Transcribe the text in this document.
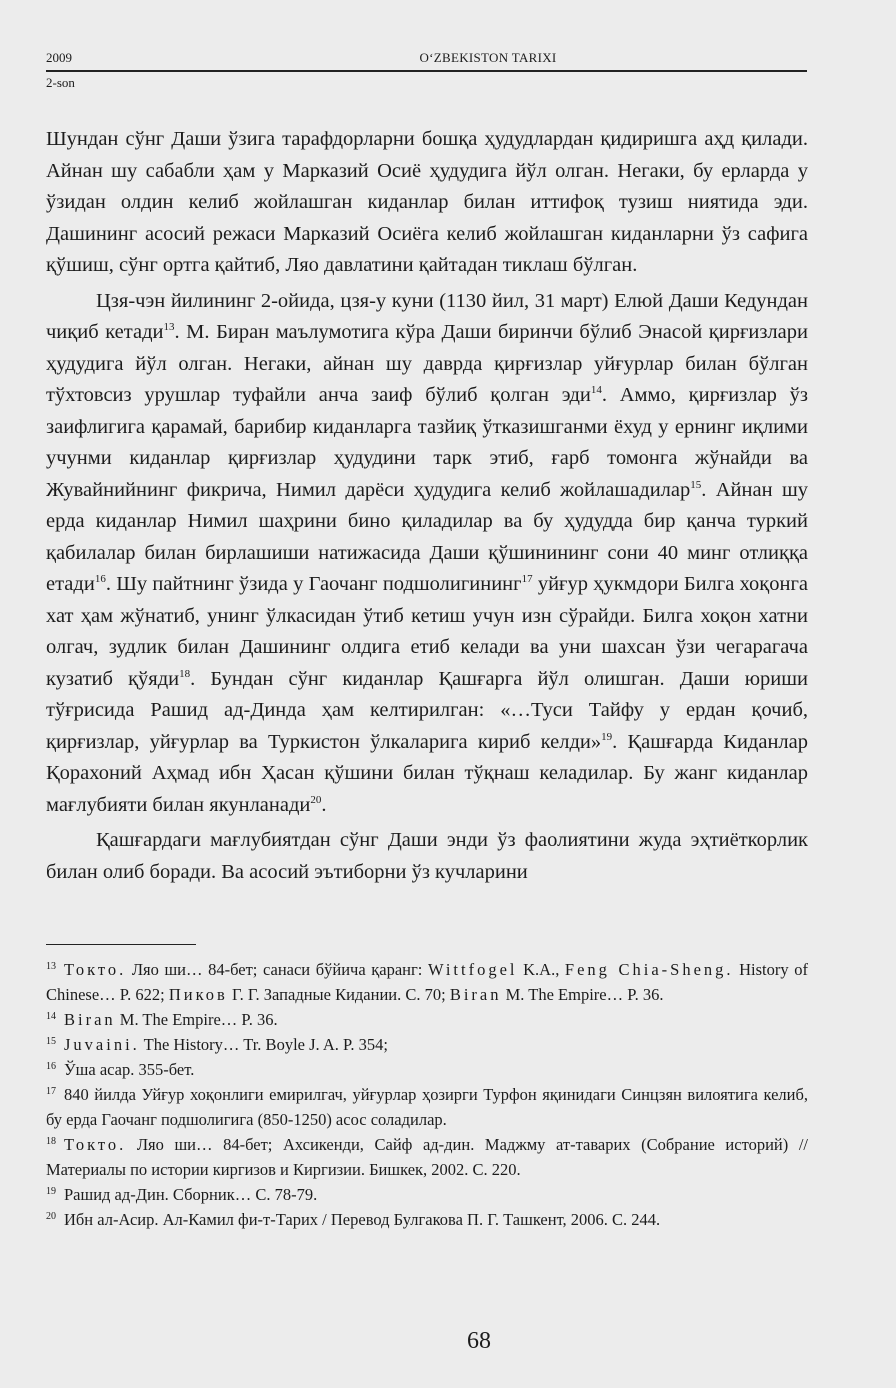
2009	O‘ZBEKISTON TARIXI
2-son

Шундан сўнг Даши ўзига тарафдорларни бошқа ҳудудлардан қидиришга аҳд қилади. Айнан шу сабабли ҳам у Марказий Осиё ҳудудига йўл олган. Негаки, бу ерларда у ўзидан олдин келиб жойлашган киданлар билан иттифоқ тузиш ниятида эди. Дашининг асосий режаси Марказий Осиёга келиб жойлашган киданларни ўз сафига қўшиш, сўнг ортга қайтиб, Ляо давлатини қайтадан тиклаш бўлган.

Цзя-чэн йилининг 2-ойида, цзя-у куни (1130 йил, 31 март) Елюй Даши Кедундан чиқиб кетади$^{13}$. М. Биран маълумотига кўра Даши биринчи бўлиб Энасой қирғизлари ҳудудига йўл олган. Негаки, айнан шу даврда қирғизлар уйғурлар билан бўлган тўхтовсиз урушлар туфайли анча заиф бўлиб қолган эди$^{14}$. Аммо, қирғизлар ўз заифлигига қарамай, барибир киданларга тазйиқ ўтказишганми ёхуд у ернинг иқлими учунми киданлар қирғизлар ҳудудини тарк этиб, ғарб томонга жўнайди ва Жувайнийнинг фикрича, Нимил дарёси ҳудудига келиб жойлашадилар$^{15}$. Айнан шу ерда киданлар Нимил шаҳрини бино қиладилар ва бу ҳудудда бир қанча туркий қабилалар билан бирлашиши натижасида Даши қўшинининг сони 40 минг отлиққа етади$^{16}$. Шу пайтнинг ўзида у Гаочанг подшолигининг$^{17}$ уйғур ҳукмдори Билга хоқонга хат ҳам жўнатиб, унинг ўлкасидан ўтиб кетиш учун изн сўрайди. Билга хоқон хатни олгач, зудлик билан Дашининг олдига етиб келади ва уни шахсан ўзи чегарагача кузатиб қўяди$^{18}$. Бундан сўнг киданлар Қашғарга йўл олишган. Даши юриши тўғрисида Рашид ад-Динда ҳам келтирилган: «…Туси Тайфу у ердан қочиб, қирғизлар, уйғурлар ва Туркистон ўлкаларига кириб келди»$^{19}$. Қашғарда Киданлар Қорахоний Аҳмад ибн Ҳасан қўшини билан тўқнаш келадилар. Бу жанг киданлар мағлубияти билан якунланади$^{20}$.

Қашғардаги мағлубиятдан сўнг Даши энди ўз фаолиятини жуда эҳтиёткорлик билан олиб боради. Ва асосий эътиборни ўз кучларини

$^{13}$ Токто. Ляо ши… 84-бет; санаси бўйича қаранг: Wittfogel K.A., Feng Chia-Sheng. History of Chinese… P. 622; Пиков Г. Г. Западные Кидании. С. 70; Biran M. The Empire… P. 36.

$^{14}$ Biran M. The Empire… P. 36.

$^{15}$ Juvaini. The History… Tr. Boyle J. A. P. 354;

$^{16}$ Ўша асар. 355-бет.

$^{17}$ 840 йилда Уйғур хоқонлиги емирилгач, уйғурлар ҳозирги Турфон яқинидаги Синцзян вилоятига келиб, бу ерда Гаочанг подшолигига (850-1250) асос соладилар.

$^{18}$ Токто. Ляо ши… 84-бет; Ахсикенди, Сайф ад-дин. Маджму ат-таварих (Собрание историй) // Материалы по истории киргизов и Киргизии. Бишкек, 2002. С. 220.

$^{19}$ Рашид ад-Дин. Сборник… С. 78-79.

$^{20}$ Ибн ал-Асир. Ал-Камил фи-т-Тарих / Перевод Булгакова П. Г. Ташкент, 2006. С. 244.

68
